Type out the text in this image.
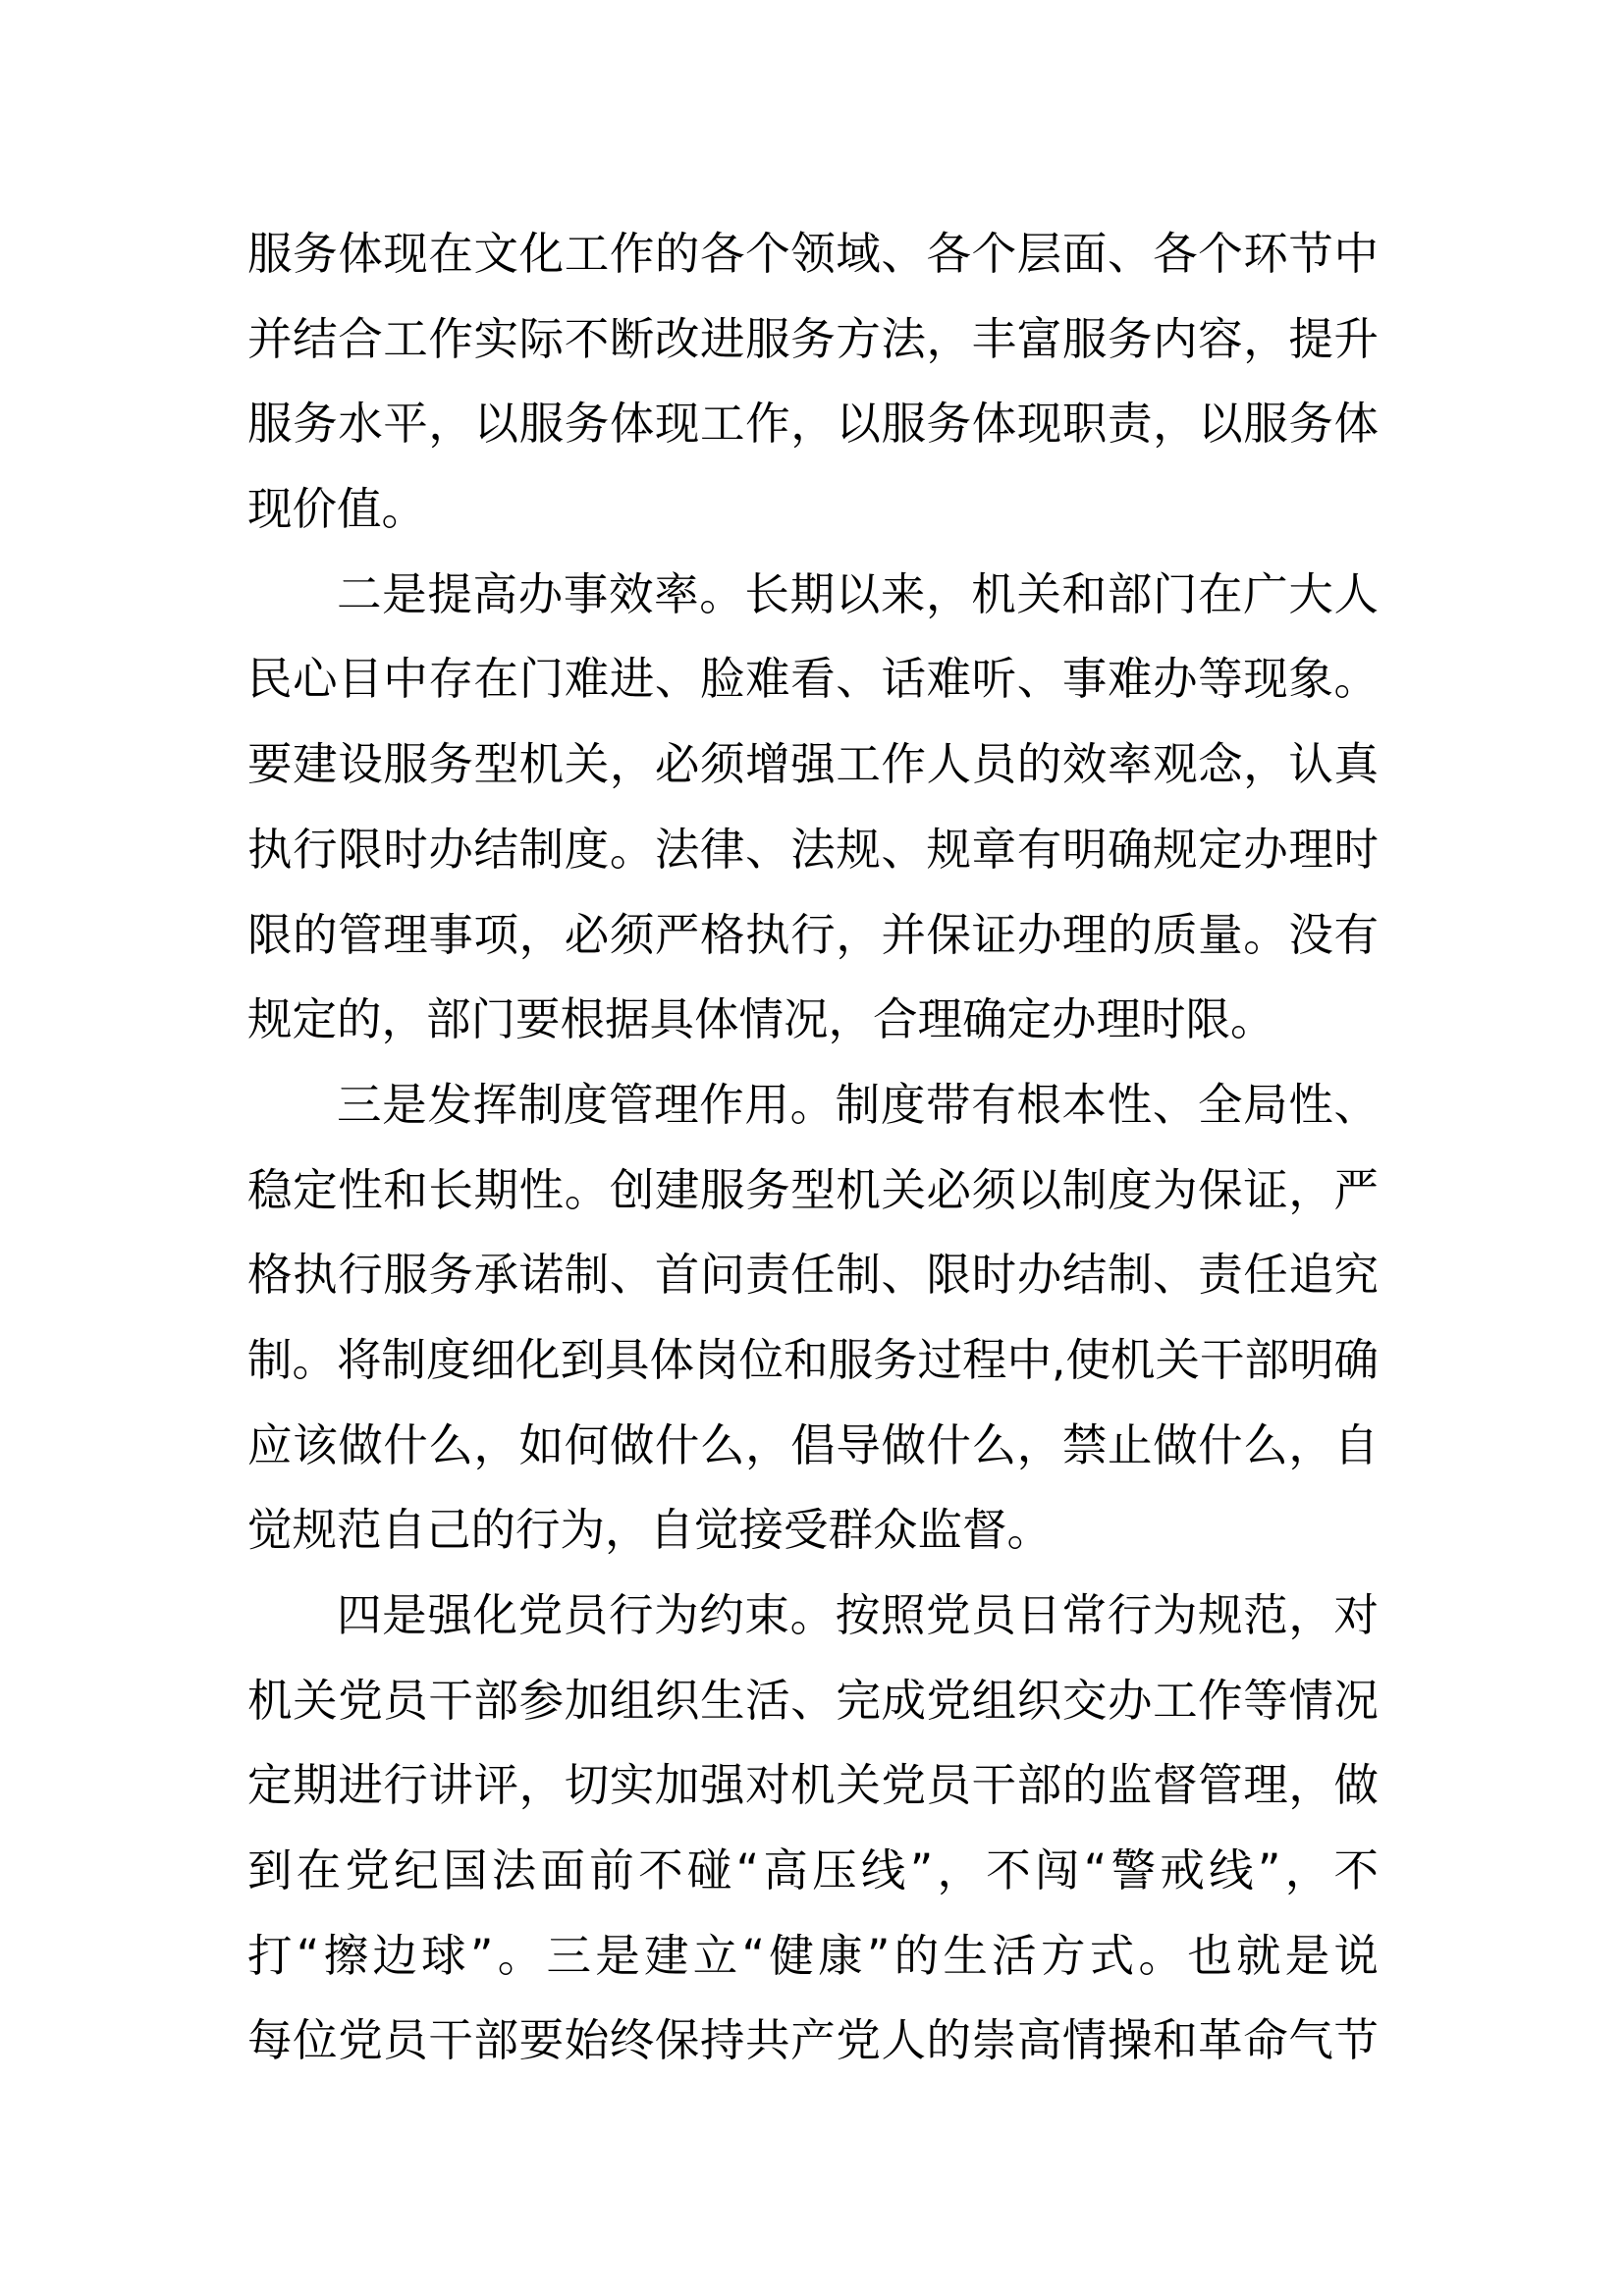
服务体现在文化工作的各个领域、各个层面、各个环节中
并结合工作实际不断改进服务方法，丰富服务内容，提升
服务水平，以服务体现工作，以服务体现职责，以服务体
现价值。
二是提高办事效率。长期以来，机关和部门在广大人
民心目中存在门难进、脸难看、话难听、事难办等现象。
要建设服务型机关，必须增强工作人员的效率观念，认真
执行限时办结制度。法律、法规、规章有明确规定办理时
限的管理事项，必须严格执行，并保证办理的质量。没有
规定的，部门要根据具体情况，合理确定办理时限。
三是发挥制度管理作用。制度带有根本性、全局性、
稳定性和长期性。创建服务型机关必须以制度为保证，严
格执行服务承诺制、首问责任制、限时办结制、责任追究
制。将制度细化到具体岗位和服务过程中,使机关干部明确
应该做什么，如何做什么，倡导做什么，禁止做什么，自
觉规范自己的行为，自觉接受群众监督。
四是强化党员行为约束。按照党员日常行为规范，对
机关党员干部参加组织生活、完成党组织交办工作等情况
定期进行讲评，切实加强对机关党员干部的监督管理，做
到在党纪国法面前不碰“高压线”，不闯“警戒线”，不
打“擦边球”。三是建立“健康”的生活方式。也就是说
每位党员干部要始终保持共产党人的崇高情操和革命气节
